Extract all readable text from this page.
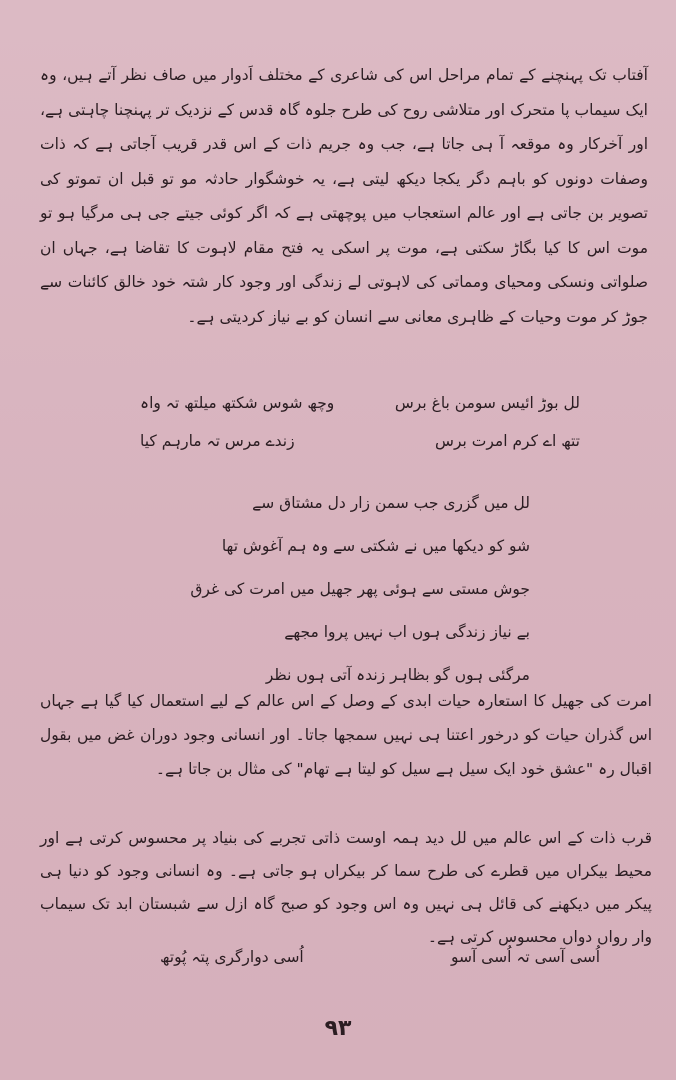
آفتاب تک پہنچنے کے تمام مراحل اس کی شاعری کے مختلف اَدوار میں صاف نظر آتے ہیں، وہ ایک سیماب پا متحرک اور متلاشی روح کی طرح جلوہ گاہ قدس کے نزدیک تر پہنچنا چاہتی ہے، اور آخرکار وہ موقعہ آ ہی جاتا ہے، جب وہ جریم ذات کے اس قدر قریب آجاتی ہے کہ ذات وصفات دونوں کو باہم دگر یکجا دیکھ لیتی ہے، یہ خوشگوار حادثہ مو تو قبل ان تموتو کی تصویر بن جاتی ہے اور عالم استعجاب میں پوچھتی ہے کہ اگر کوئی جیتے جی ہی مرگیا ہو تو موت اس کا کیا بگاڑ سکتی ہے، موت پر اسکی یہ فتح مقام لاہوت کا تقاضا ہے، جہاں ان صلواتی ونسکی ومحیای ومماتی کی لاہوتی لے زندگی اور وجود کار شتہ خود خالق کائنات سے جوڑ کر موت وحیات کے ظاہری معانی سے انسان کو بے نیاز کردیتی ہے۔

لل بوڑ ائیس سومن باغ برس
وچھ شوس شکتھ میلتھ تہ واہ
تتھ اے کرم امرت برس
زندے مرس تہ مارہم کیا
لل میں گزری جب سمن زار دل مشتاق سے
شو کو دیکھا میں نے شکتی سے وہ ہم آغوش تھا
جوش مستی سے ہوئی پھر جھیل میں امرت کی غرق
بے نیاز زندگی ہوں اب نہیں پروا مجھے
مرگئی ہوں گو بظاہر زندہ آتی ہوں نظر

امرت کی جھیل کا استعارہ حیات ابدی کے وصل کے اس عالم کے لیے استعمال کیا گیا ہے جہاں اس گذران حیات کو درخور اعتنا ہی نہیں سمجھا جاتا۔ اور انسانی وجود دوران غض میں بقول اقبال رہ "عشق خود ایک سیل ہے سیل کو لیتا ہے تھام" کی مثال بن جاتا ہے۔

قرب ذات کے اس عالم میں لل دید ہمہ اوست ذاتی تجربے کی بنیاد پر محسوس کرتی ہے اور محیط بیکراں میں قطرے کی طرح سما کر بیکراں ہو جاتی ہے۔ وہ انسانی وجود کو دنیا ہی پیکر میں دیکھنے کی قائل ہی نہیں وہ اس وجود کو صبح گاہ ازل سے شبستان ابد تک سیماب وار رواں دواں محسوس کرتی ہے۔

اُسی آسی تہ اُسی آسو
اُسی دوارگری پتہ پُوتھ
۹۳
